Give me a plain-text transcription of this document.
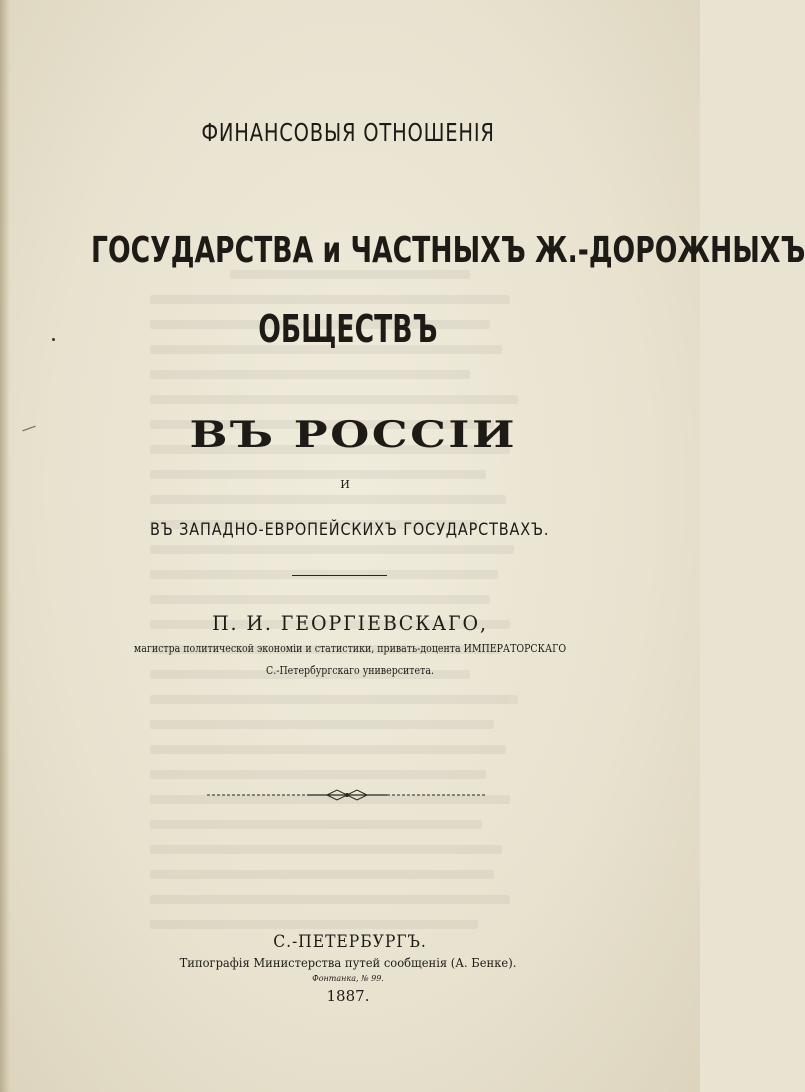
ФИНАНСОВЫЯ ОТНОШЕНІЯ
ГОСУДАРСТВА и ЧАСТНЫХЪ Ж.-ДОРОЖНЫХЪ
ОБЩЕСТВЪ
ВЪ РОССІИ
И
ВЪ ЗАПАДНО-ЕВРОПЕЙСКИХЪ ГОСУДАРСТВАХЪ.
П. И. ГЕОРГІЕВСКАГО,
магистра политической экономіи и статистики, привать-доцента ИМПЕРАТОРСКАГО
С.-Петербургскаго университета.
С.-ПЕТЕРБУРГЪ.
Типографія Министерства путей сообщенія (А. Бенке).
Фонтанка, № 99.
1887.
